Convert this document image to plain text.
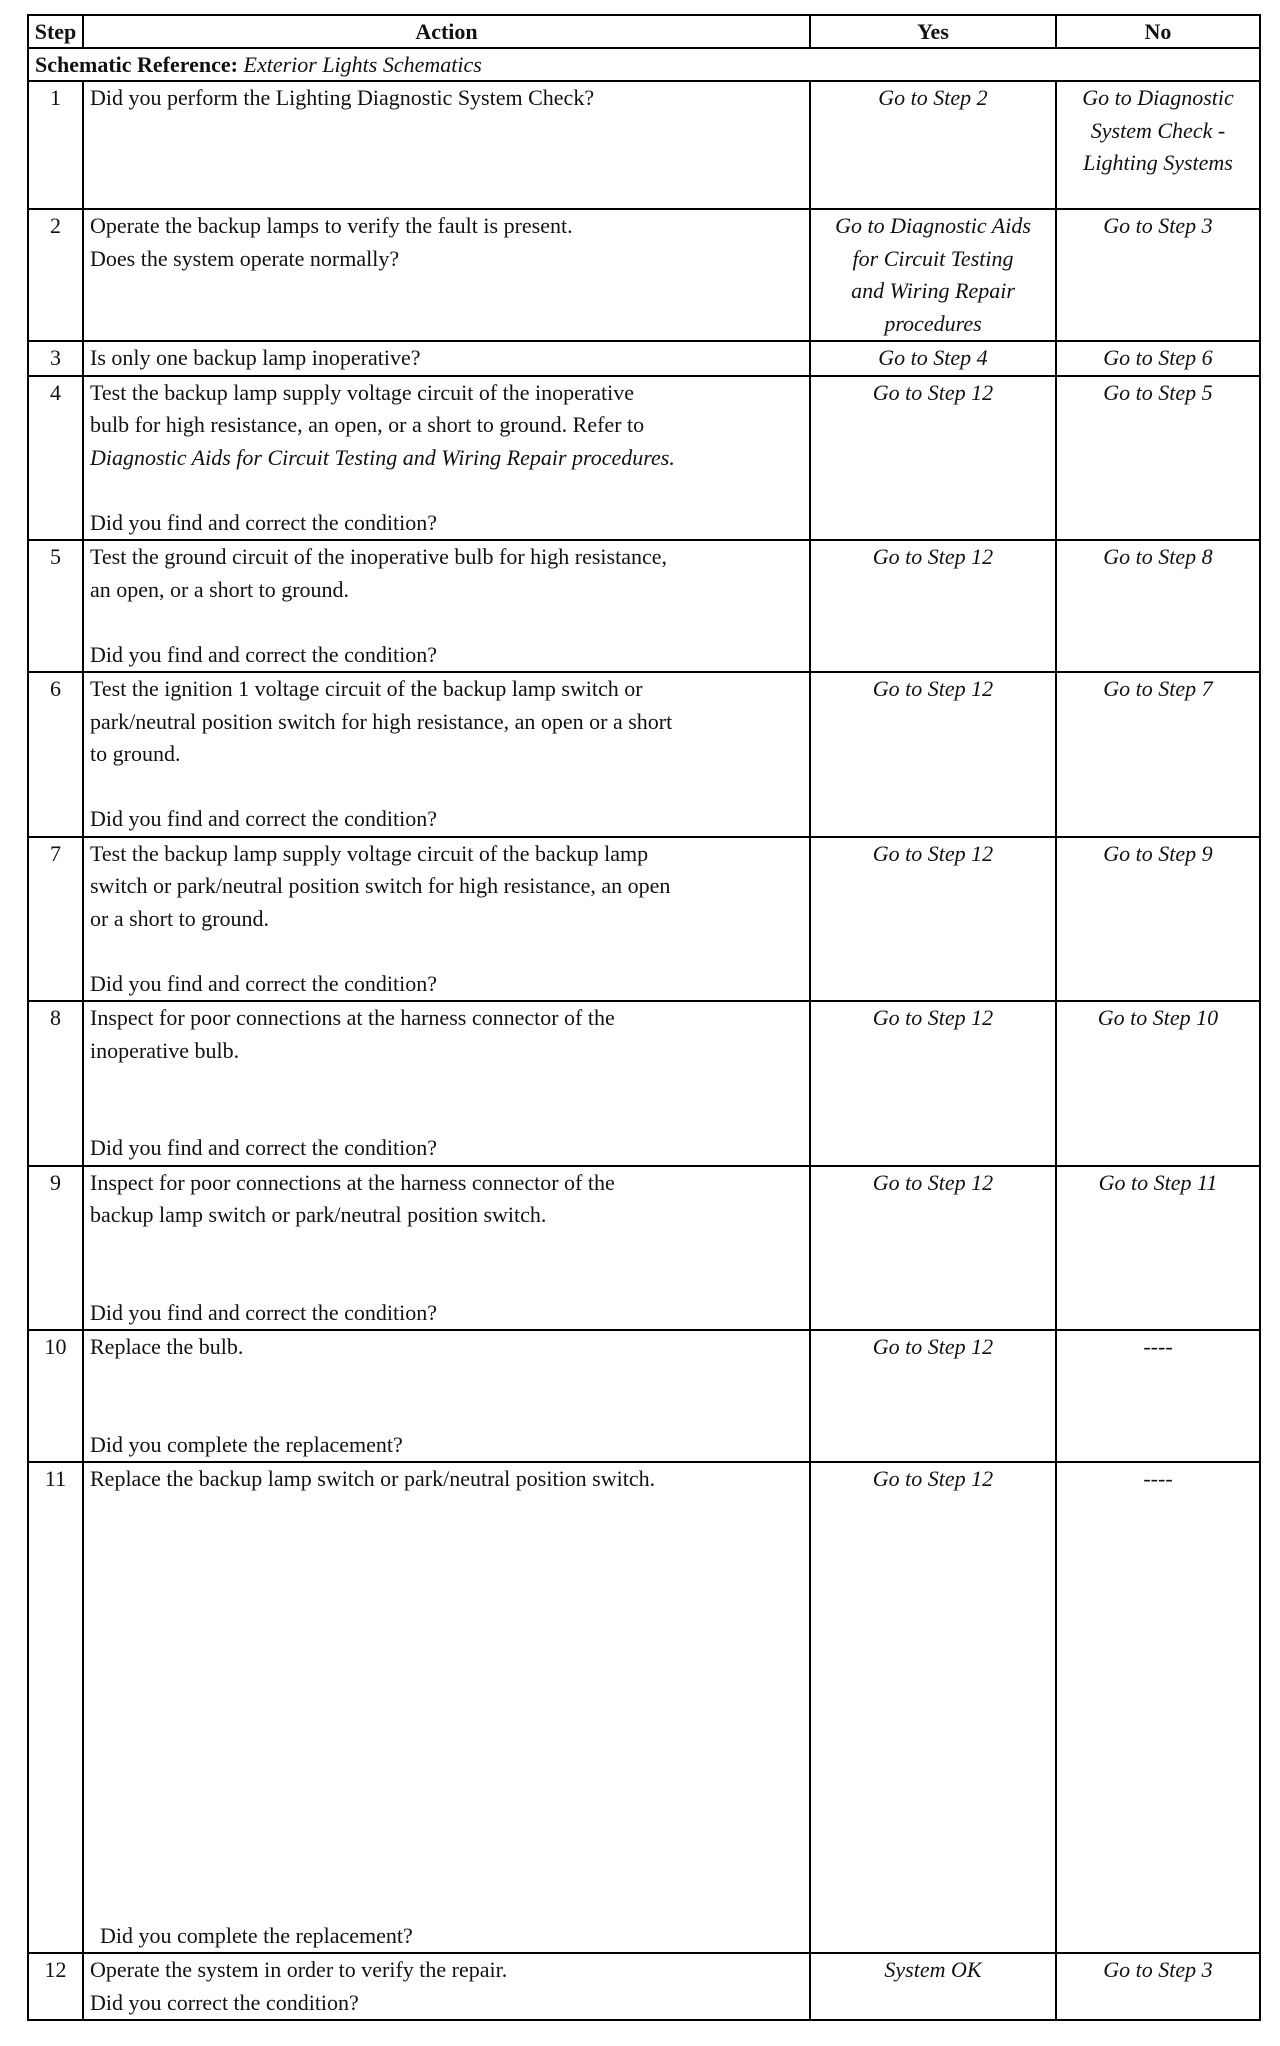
Step	Action	Yes	No
Schematic Reference: Exterior Lights Schematics			
1	Did you perform the Lighting Diagnostic System Check?	Go to Step 2	Go to Diagnostic
System Check -
Lighting Systems

2	Operate the backup lamps to verify the fault is present.
Does the system operate normally?	Go to Diagnostic Aids
for Circuit Testing
and Wiring Repair
procedures	Go to Step 3
3	Is only one backup lamp inoperative?	Go to Step 4	Go to Step 6
4	Test the backup lamp supply voltage circuit of the inoperative
bulb for high resistance, an open, or a short to ground. Refer to
Diagnostic Aids for Circuit Testing and Wiring Repair procedures.
Did you find and correct the condition?	Go to Step 12	Go to Step 5
5	Test the ground circuit of the inoperative bulb for high resistance,
an open, or a short to ground.
Did you find and correct the condition?	Go to Step 12	Go to Step 8
6	Test the ignition 1 voltage circuit of the backup lamp switch or
park/neutral position switch for high resistance, an open or a short
to ground.
Did you find and correct the condition?	Go to Step 12	Go to Step 7
7	Test the backup lamp supply voltage circuit of the backup lamp
switch or park/neutral position switch for high resistance, an open
or a short to ground.
Did you find and correct the condition?	Go to Step 12	Go to Step 9
8	Inspect for poor connections at the harness connector of the
inoperative bulb.
Did you find and correct the condition?	Go to Step 12	Go to Step 10
9	Inspect for poor connections at the harness connector of the
backup lamp switch or park/neutral position switch.
Did you find and correct the condition?	Go to Step 12	Go to Step 11
10	Replace the bulb.
Did you complete the replacement?	Go to Step 12	----
11	Replace the backup lamp switch or park/neutral position switch.
Did you complete the replacement?	Go to Step 12	----
12	Operate the system in order to verify the repair.
Did you correct the condition?	System OK	Go to Step 3
